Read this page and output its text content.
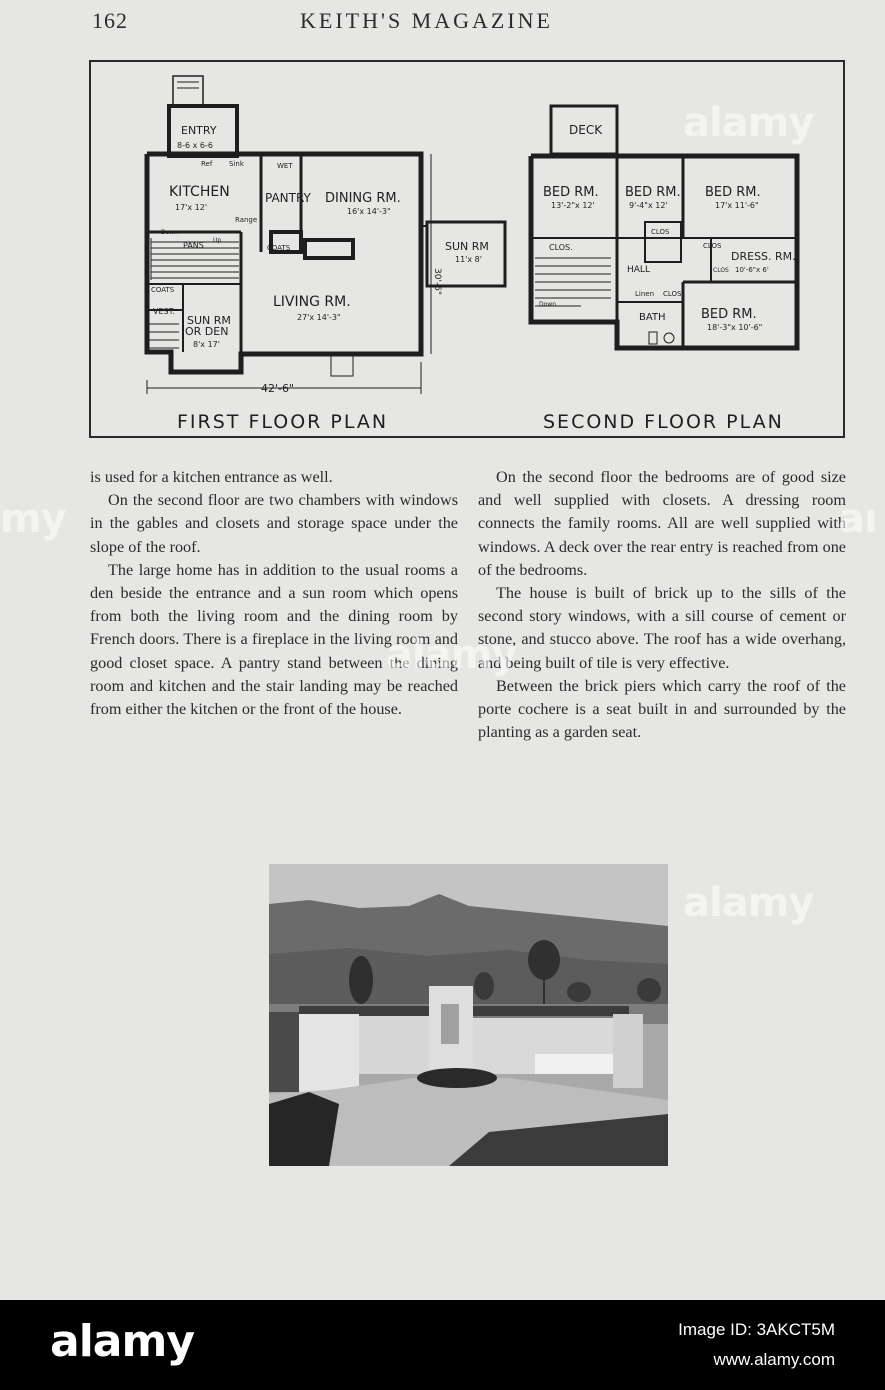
162	KEITH'S MAGAZINE
ENTRY
8-6 x 6-6
Ref Sink	WET
KITCHEN
17'x 12'
PANTRY DINING RM.
16'x 14'-3"
Range
PANS	COATS
COATS
VEST.
SUN RM
OR DEN
8'x 17'
LIVING RM.
27'x 14'-3"
SUN RM
11'x 8'
Up
Down
42'-6"
30'-6"
FIRST FLOOR PLAN
DECK
BED RM.
13'-2"x 12'
BED RM.
9'-4"x 12'
BED RM.
17'x 11'-6"
CLOS.
CLOS
CLOS
CLOS
CLOS
HALL
DRESS. RM.
10'-6"x 6'
Linen
BATH	BED RM.
18'-3"x 10'-6"
Down
SECOND FLOOR PLAN

is used for a kitchen entrance as well.

On the second floor are two chambers with windows in the gables and closets and storage space under the slope of the roof.

The large home has in addition to the usual rooms a den beside the entrance and a sun room which opens from both the living room and the dining room by French doors. There is a fireplace in the living room and good closet space. A pantry stand between the dining room and kitchen and the stair landing may be reached from either the kitchen or the front of the house.

On the second floor the bedrooms are of good size and well supplied with closets. A dressing room connects the family rooms. All are well supplied with windows. A deck over the rear entry is reached from one of the bedrooms.

The house is built of brick up to the sills of the second story windows, with a sill course of cement or stone, and stucco above. The roof has a wide overhang, and being built of tile is very effective.

Between the brick piers which carry the roof of the porte cochere is a seat built in and surrounded by the planting as a garden seat.

alamy
my
alamy
alamy
aı
alamy	Image ID: 3AKCT5M
www.alamy.com
